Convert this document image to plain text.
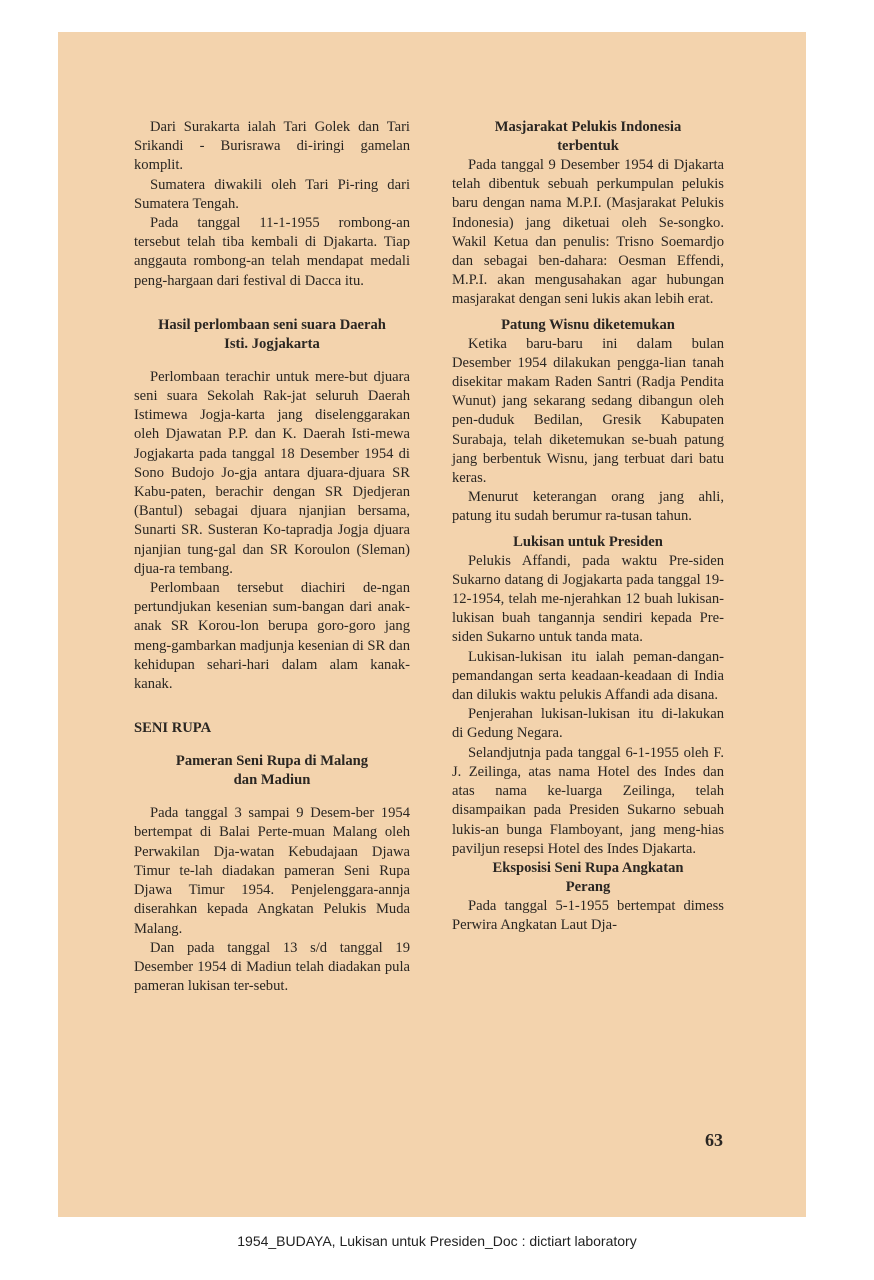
Dari Surakarta ialah Tari Golek dan Tari Srikandi - Burisrawa di-iringi gamelan komplit.

Sumatera diwakili oleh Tari Pi-ring dari Sumatera Tengah.

Pada tanggal 11-1-1955 rombong-an tersebut telah tiba kembali di Djakarta. Tiap anggauta rombong-an telah mendapat medali peng-hargaan dari festival di Dacca itu.

Hasil perlombaan seni suara Daerah
Isti. Jogjakarta

Perlombaan terachir untuk mere-but djuara seni suara Sekolah Rak-jat seluruh Daerah Istimewa Jogja-karta jang diselenggarakan oleh Djawatan P.P. dan K. Daerah Isti-mewa Jogjakarta pada tanggal 18 Desember 1954 di Sono Budojo Jo-gja antara djuara-djuara SR Kabu-paten, berachir dengan SR Djedjeran (Bantul) sebagai djuara njanjian bersama, Sunarti SR. Susteran Ko-tapradja Jogja djuara njanjian tung-gal dan SR Koroulon (Sleman) djua-ra tembang.

Perlombaan tersebut diachiri de-ngan pertundjukan kesenian sum-bangan dari anak-anak SR Korou-lon berupa goro-goro jang meng-gambarkan madjunja kesenian di SR dan kehidupan sehari-hari dalam alam kanak-kanak.

SENI RUPA
Pameran Seni Rupa di Malang
dan Madiun

Pada tanggal 3 sampai 9 Desem-ber 1954 bertempat di Balai Perte-muan Malang oleh Perwakilan Dja-watan Kebudajaan Djawa Timur te-lah diadakan pameran Seni Rupa Djawa Timur 1954. Penjelenggara-annja diserahkan kepada Angkatan Pelukis Muda Malang.

Dan pada tanggal 13 s/d tanggal 19 Desember 1954 di Madiun telah diadakan pula pameran lukisan ter-sebut.

Masjarakat Pelukis Indonesia
terbentuk

Pada tanggal 9 Desember 1954 di Djakarta telah dibentuk sebuah perkumpulan pelukis baru dengan nama M.P.I. (Masjarakat Pelukis Indonesia) jang diketuai oleh Se-songko. Wakil Ketua dan penulis: Trisno Soemardjo dan sebagai ben-dahara: Oesman Effendi, M.P.I. akan mengusahakan agar hubungan masjarakat dengan seni lukis akan lebih erat.

Patung Wisnu diketemukan

Ketika baru-baru ini dalam bulan Desember 1954 dilakukan pengga-lian tanah disekitar makam Raden Santri (Radja Pendita Wunut) jang sekarang sedang dibangun oleh pen-duduk Bedilan, Gresik Kabupaten Surabaja, telah diketemukan se-buah patung jang berbentuk Wisnu, jang terbuat dari batu keras.

Menurut keterangan orang jang ahli, patung itu sudah berumur ra-tusan tahun.

Lukisan untuk Presiden

Pelukis Affandi, pada waktu Pre-siden Sukarno datang di Jogjakarta pada tanggal 19-12-1954, telah me-njerahkan 12 buah lukisan-lukisan buah tangannja sendiri kepada Pre-siden Sukarno untuk tanda mata.

Lukisan-lukisan itu ialah peman-dangan-pemandangan serta keadaan-keadaan di India dan dilukis waktu pelukis Affandi ada disana.

Penjerahan lukisan-lukisan itu di-lakukan di Gedung Negara.

Selandjutnja pada tanggal 6-1-1955 oleh F. J. Zeilinga, atas nama Hotel des Indes dan atas nama ke-luarga Zeilinga, telah disampaikan pada Presiden Sukarno sebuah lukis-an bunga Flamboyant, jang meng-hias paviljun resepsi Hotel des Indes Djakarta.

Eksposisi Seni Rupa Angkatan
Perang

Pada tanggal 5-1-1955 bertempat dimess Perwira Angkatan Laut Dja-

63
1954_BUDAYA, Lukisan untuk Presiden_Doc : dictiart laboratory
